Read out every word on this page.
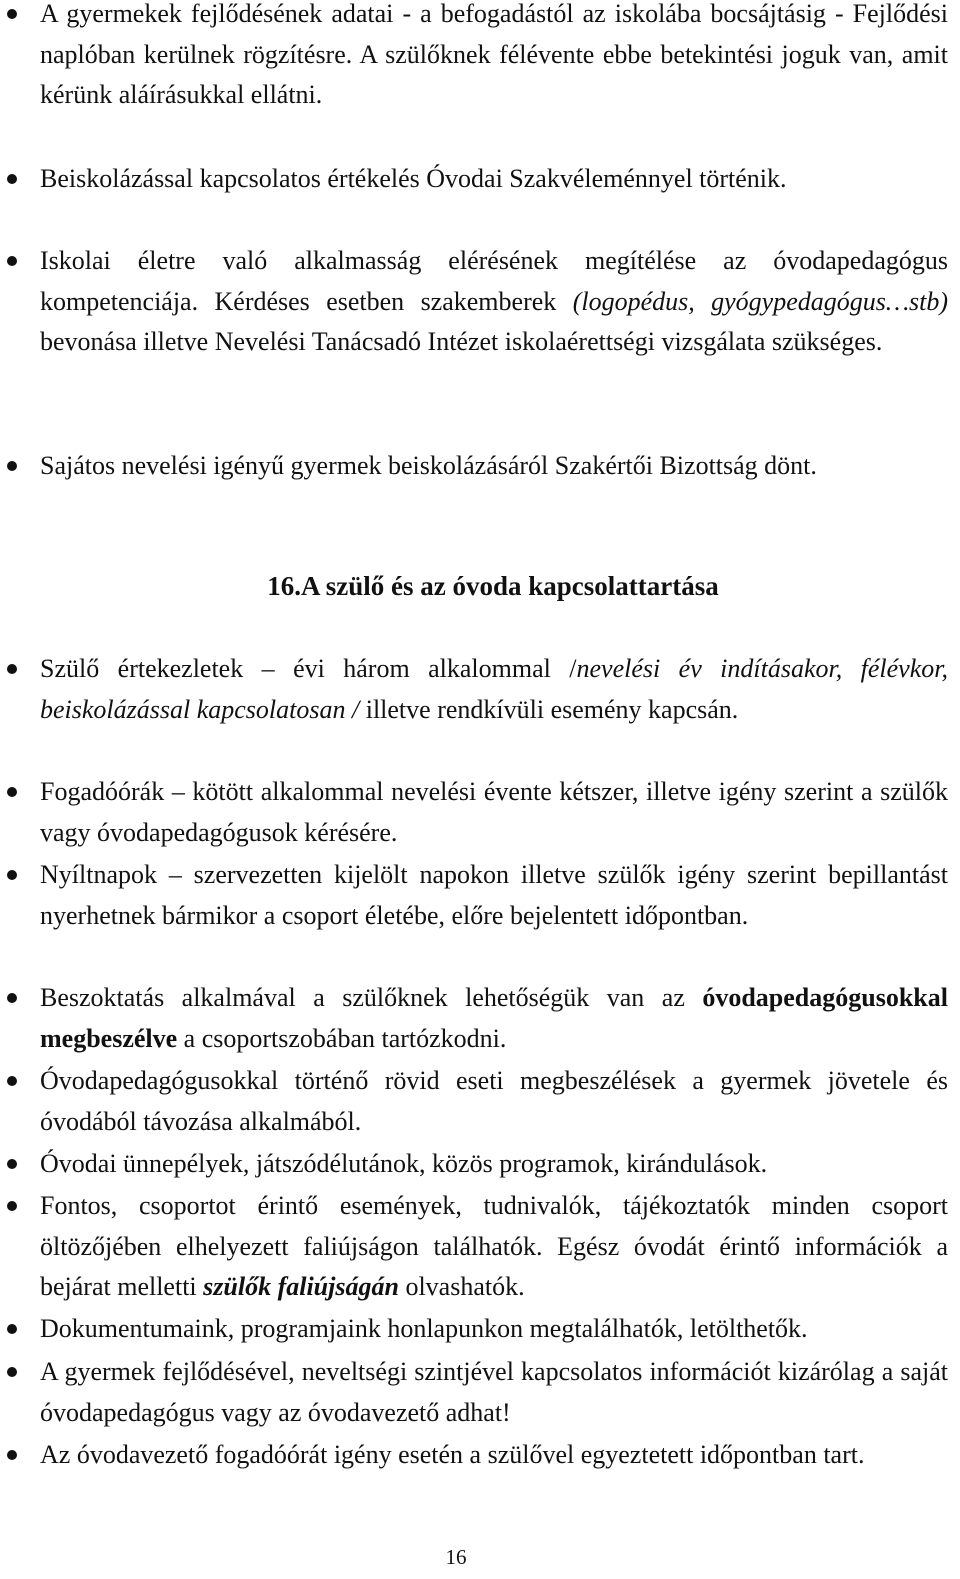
A gyermekek fejlődésének adatai - a befogadástól az iskolába bocsájtásig - Fejlődési naplóban kerülnek rögzítésre. A szülőknek félévente ebbe betekintési joguk van, amit kérünk aláírásukkal ellátni.
Beiskolázással kapcsolatos értékelés Óvodai Szakvéleménnyel történik.
Iskolai életre való alkalmasság elérésének megítélése az óvodapedagógus kompetenciája. Kérdéses esetben szakemberek (logopédus, gyógypedagógus…stb) bevonása illetve Nevelési Tanácsadó Intézet iskolaérettségi vizsgálata szükséges.
Sajátos nevelési igényű gyermek beiskolázásáról Szakértői Bizottság dönt.
16.A szülő és az óvoda kapcsolattartása
Szülő értekezletek – évi három alkalommal /nevelési év indításakor, félévkor, beiskolázással kapcsolatosan / illetve rendkívüli esemény kapcsán.
Fogadóórák – kötött alkalommal nevelési évente kétszer, illetve igény szerint a szülők vagy óvodapedagógusok kérésére.
Nyíltnapok – szervezetten kijelölt napokon illetve szülők igény szerint bepillantást nyerhetnek bármikor a csoport életébe, előre bejelentett időpontban.
Beszoktatás alkalmával a szülőknek lehetőségük van az óvodapedagógusokkal megbeszélve a csoportszobában tartózkodni.
Óvodapedagógusokkal történő rövid eseti megbeszélések a gyermek jövetele és óvodából távozása alkalmából.
Óvodai ünnepélyek, játszódélutánok, közös programok, kirándulások.
Fontos, csoportot érintő események, tudnivalók, tájékoztatók minden csoport öltözőjében elhelyezett faliújságon találhatók. Egész óvodát érintő információk a bejárat melletti szülők faliújságán olvashatók.
Dokumentumaink, programjaink honlapunkon megtalálhatók, letölthetők.
A gyermek fejlődésével, neveltségi szintjével kapcsolatos információt kizárólag a saját óvodapedagógus vagy az óvodavezető adhat!
Az óvodavezető fogadóórát igény esetén a szülővel egyeztetett időpontban tart.
16
